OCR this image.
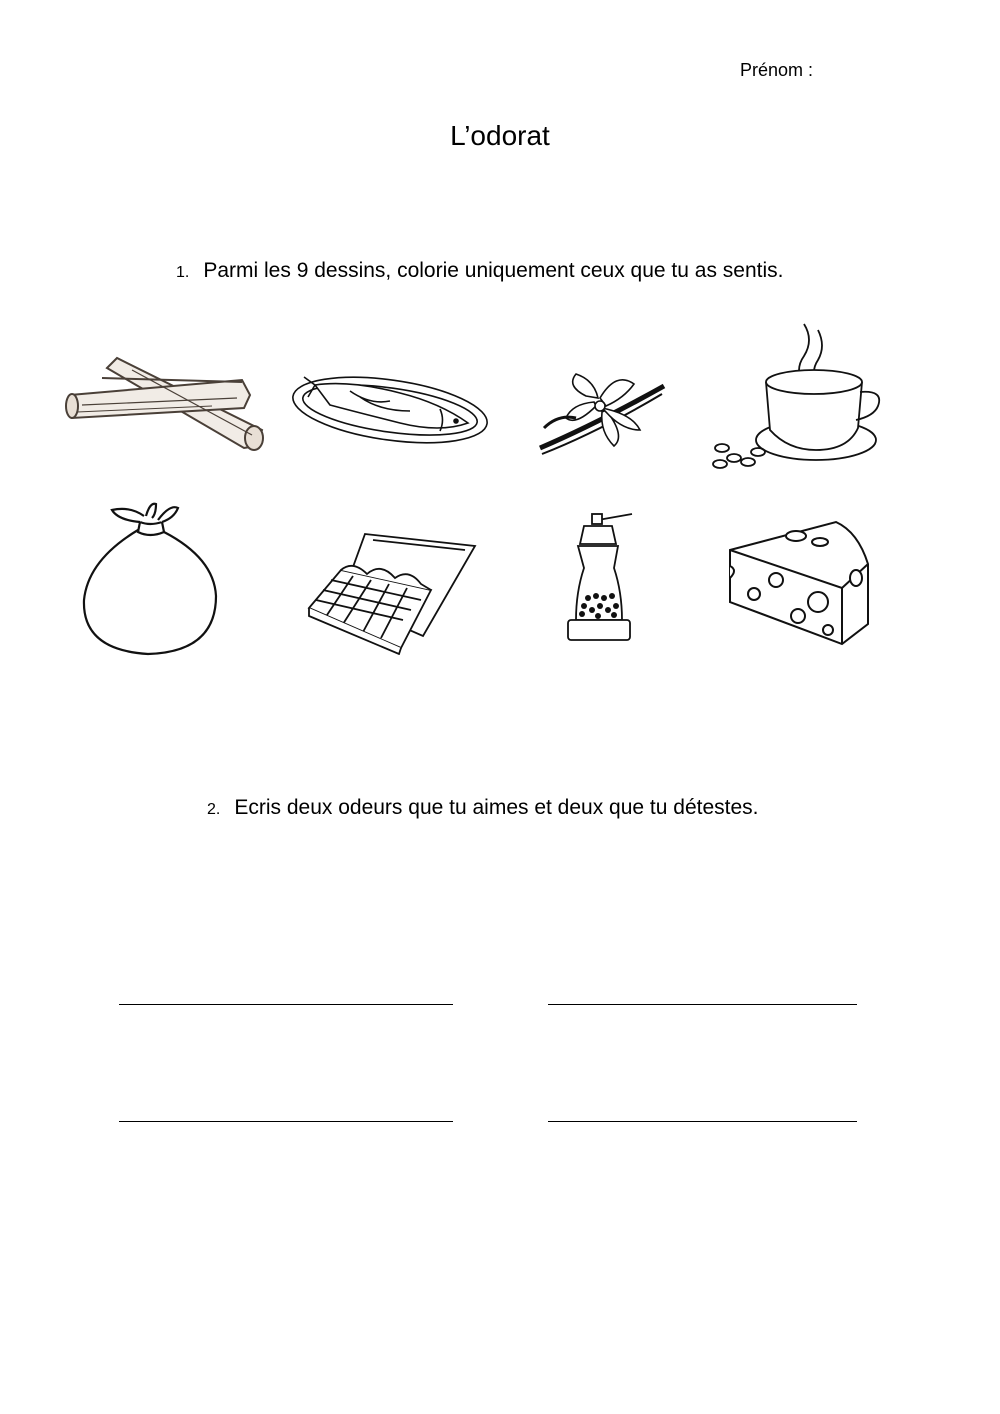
Prénom :
L’odorat
1. Parmi les 9 dessins, colorie uniquement ceux que tu as sentis.
2. Ecris deux odeurs que tu aimes et deux que tu détestes.
